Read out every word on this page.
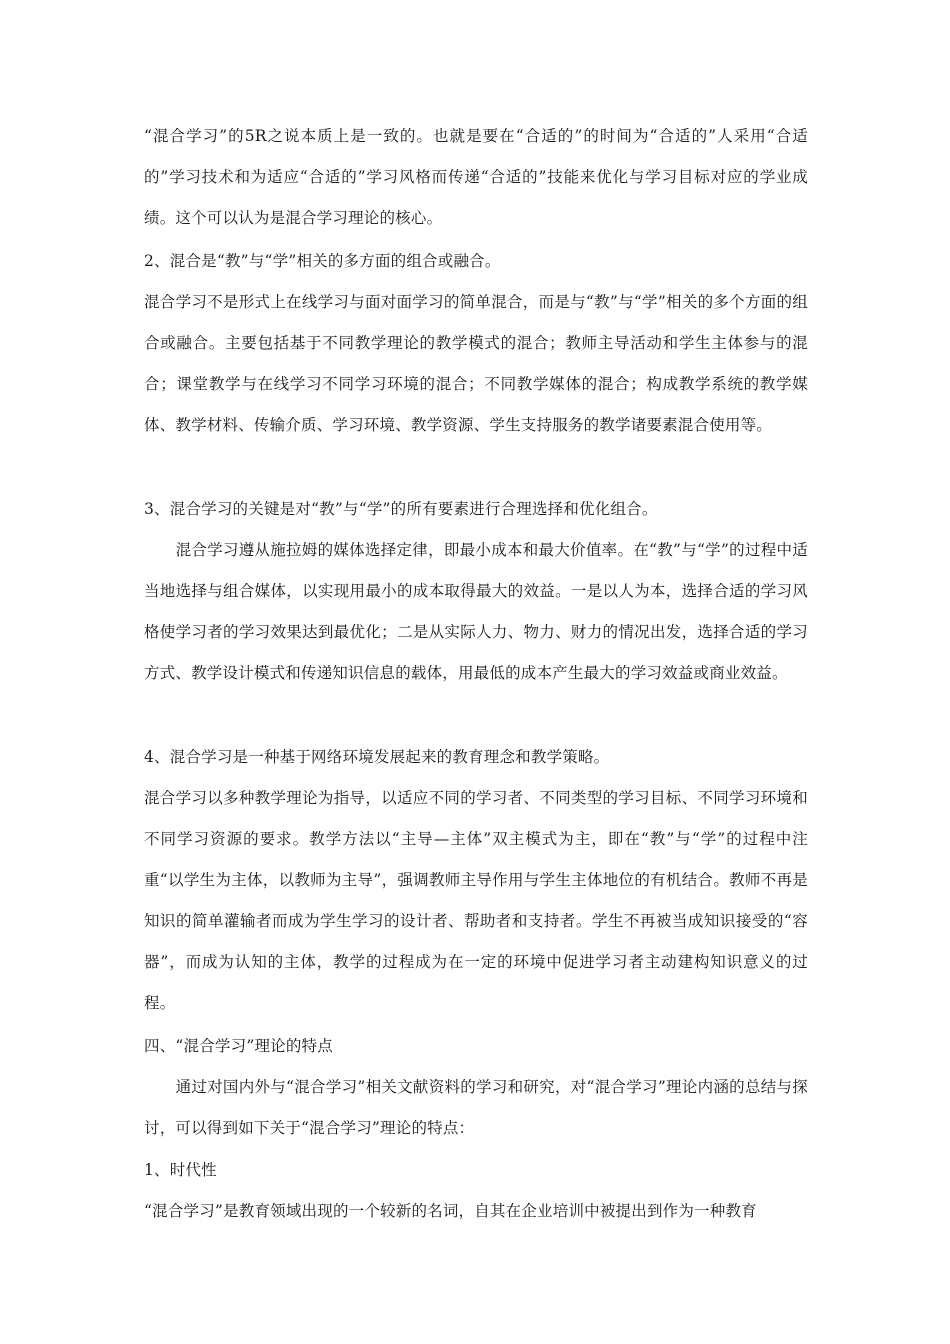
“混合学习”的5R之说本质上是一致的。也就是要在“合适的”的时间为“合适的”人采用“合适的”学习技术和为适应“合适的”学习风格而传递“合适的”技能来优化与学习目标对应的学业成绩。这个可以认为是混合学习理论的核心。

2、混合是“教”与“学”相关的多方面的组合或融合。

混合学习不是形式上在线学习与面对面学习的简单混合，而是与“教”与“学”相关的多个方面的组合或融合。主要包括基于不同教学理论的教学模式的混合；教师主导活动和学生主体参与的混合；课堂教学与在线学习不同学习环境的混合；不同教学媒体的混合；构成教学系统的教学媒体、教学材料、传输介质、学习环境、教学资源、学生支持服务的教学诸要素混合使用等。

3、混合学习的关键是对“教”与“学”的所有要素进行合理选择和优化组合。

　　混合学习遵从施拉姆的媒体选择定律，即最小成本和最大价值率。在“教”与“学”的过程中适当地选择与组合媒体，以实现用最小的成本取得最大的效益。一是以人为本，选择合适的学习风格使学习者的学习效果达到最优化；二是从实际人力、物力、财力的情况出发，选择合适的学习方式、教学设计模式和传递知识信息的载体，用最低的成本产生最大的学习效益或商业效益。

4、混合学习是一种基于网络环境发展起来的教育理念和教学策略。

混合学习以多种教学理论为指导，以适应不同的学习者、不同类型的学习目标、不同学习环境和不同学习资源的要求。教学方法以“主导—主体”双主模式为主，即在“教”与“学”的过程中注重“以学生为主体，以教师为主导”，强调教师主导作用与学生主体地位的有机结合。教师不再是知识的简单灌输者而成为学生学习的设计者、帮助者和支持者。学生不再被当成知识接受的“容器”，而成为认知的主体，教学的过程成为在一定的环境中促进学习者主动建构知识意义的过程。

四、“混合学习”理论的特点

　　通过对国内外与“混合学习”相关文献资料的学习和研究，对“混合学习”理论内涵的总结与探讨，可以得到如下关于“混合学习”理论的特点：

1、时代性

“混合学习”是教育领域出现的一个较新的名词，自其在企业培训中被提出到作为一种教育
